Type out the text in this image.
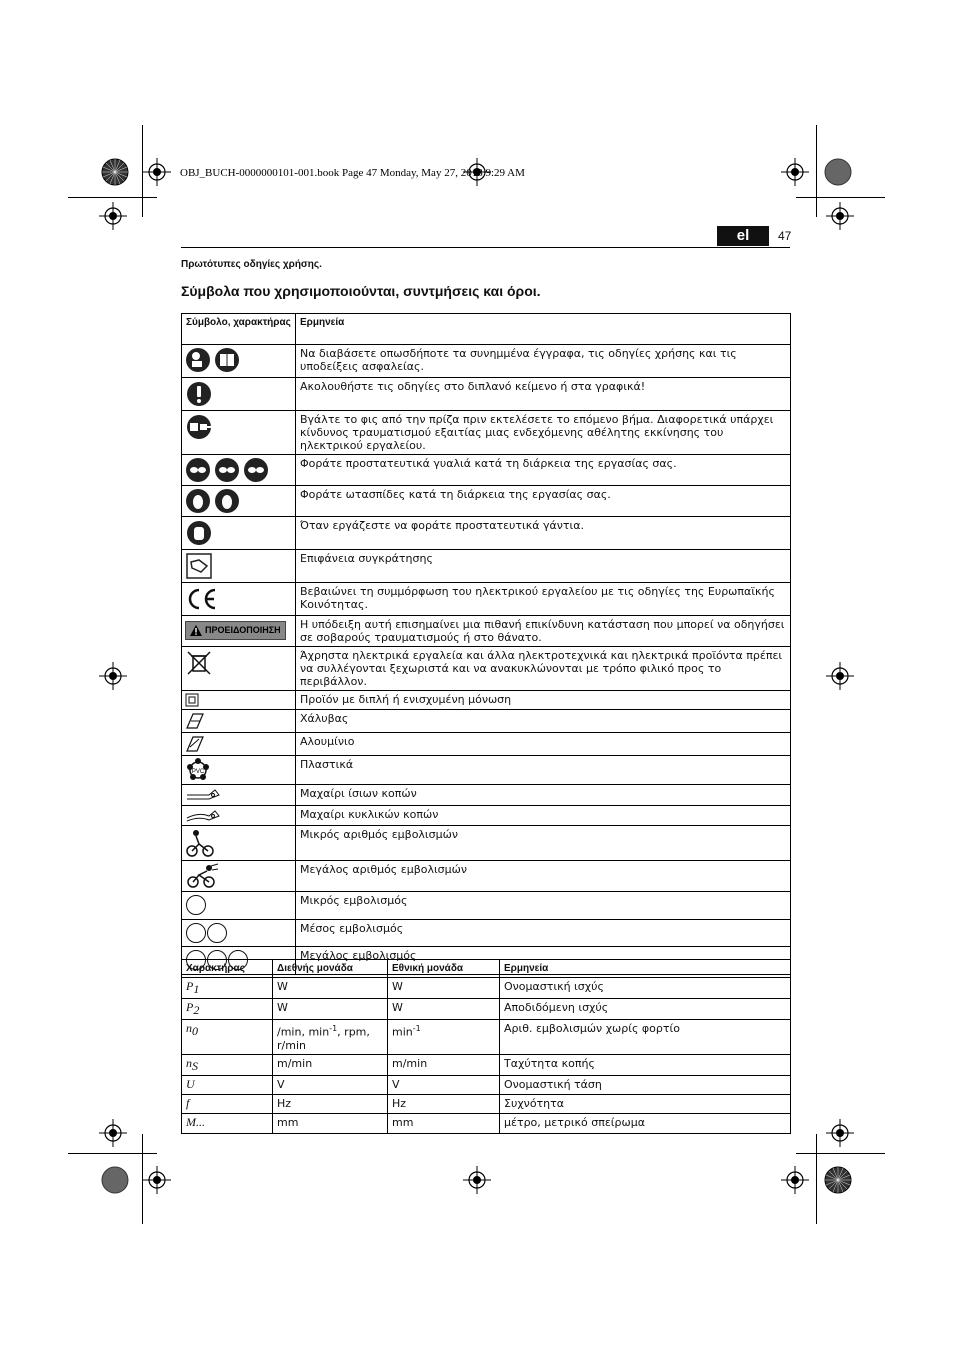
OBJ_BUCH-0000000101-001.book Page 47 Monday, May 27, 2013 9:29 AM
el	47
Πρωτότυπες οδηγίες χρήσης.
Σύμβολα που χρησιμοποιούνται, συντμήσεις και όροι.
Σύμβολο, χαρακτήρας	Ερμηνεία

	Να διαβάσετε οπωσδήποτε τα συνημμένα έγγραφα, τις οδηγίες χρήσης και τις υποδείξεις ασφαλείας.

	Ακολουθήστε τις οδηγίες στο διπλανό κείμενο ή στα γραφικά!

	Βγάλτε το φις από την πρίζα πριν εκτελέσετε το επόμενο βήμα. Διαφορετικά υπάρχει κίνδυνος τραυματισμού εξαιτίας μιας ενδεχόμενης αθέλητης εκκίνησης του ηλεκτρικού εργαλείου.

	Φοράτε προστατευτικά γυαλιά κατά τη διάρκεια της εργασίας σας.

	Φοράτε ωτασπίδες κατά τη διάρκεια της εργασίας σας.

	Όταν εργάζεστε να φοράτε προστατευτικά γάντια.

	Επιφάνεια συγκράτησης

	Βεβαιώνει τη συμμόρφωση του ηλεκτρικού εργαλείου με τις οδηγίες της Ευρωπαϊκής Κοινότητας.

ΠΡΟΕΙΔΟΠΟΙΗΣΗ	Η υπόδειξη αυτή επισημαίνει μια πιθανή επικίνδυνη κατάσταση που μπορεί να οδηγήσει σε σοβαρούς τραυματισμούς ή στο θάνατο.

	Άχρηστα ηλεκτρικά εργαλεία και άλλα ηλεκτροτεχνικά και ηλεκτρικά προϊόντα πρέπει να συλλέγονται ξεχωριστά και να ανακυκλώνονται με τρόπο φιλικό προς το περιβάλλον.

	Προϊόν με διπλή ή ενισχυμένη μόνωση

	Χάλυβας

	Αλουμίνιο

PVC	Πλαστικά

	Μαχαίρι ίσιων κοπών

	Μαχαίρι κυκλικών κοπών

	Μικρός αριθμός εμβολισμών

	Μεγάλος αριθμός εμβολισμών

	Μικρός εμβολισμός

	Μέσος εμβολισμός

	Μεγάλος εμβολισμός
Χαρακτήρας	Διεθνής μονάδα	Εθνική μονάδα	Ερμηνεία
$P_1$	W	W	Ονομαστική ισχύς
$P_2$	W	W	Αποδιδόμενη ισχύς
$n_0$	/min, $\min^{-1}$, rpm, r/min	$\min^{-1}$	Αριθ. εμβολισμών χωρίς φορτίο
$n_S$	m/min	m/min	Ταχύτητα κοπής
U	V	V	Ονομαστική τάση
f	Hz	Hz	Συχνότητα
M...	mm	mm	μέτρο, μετρικό σπείρωμα
